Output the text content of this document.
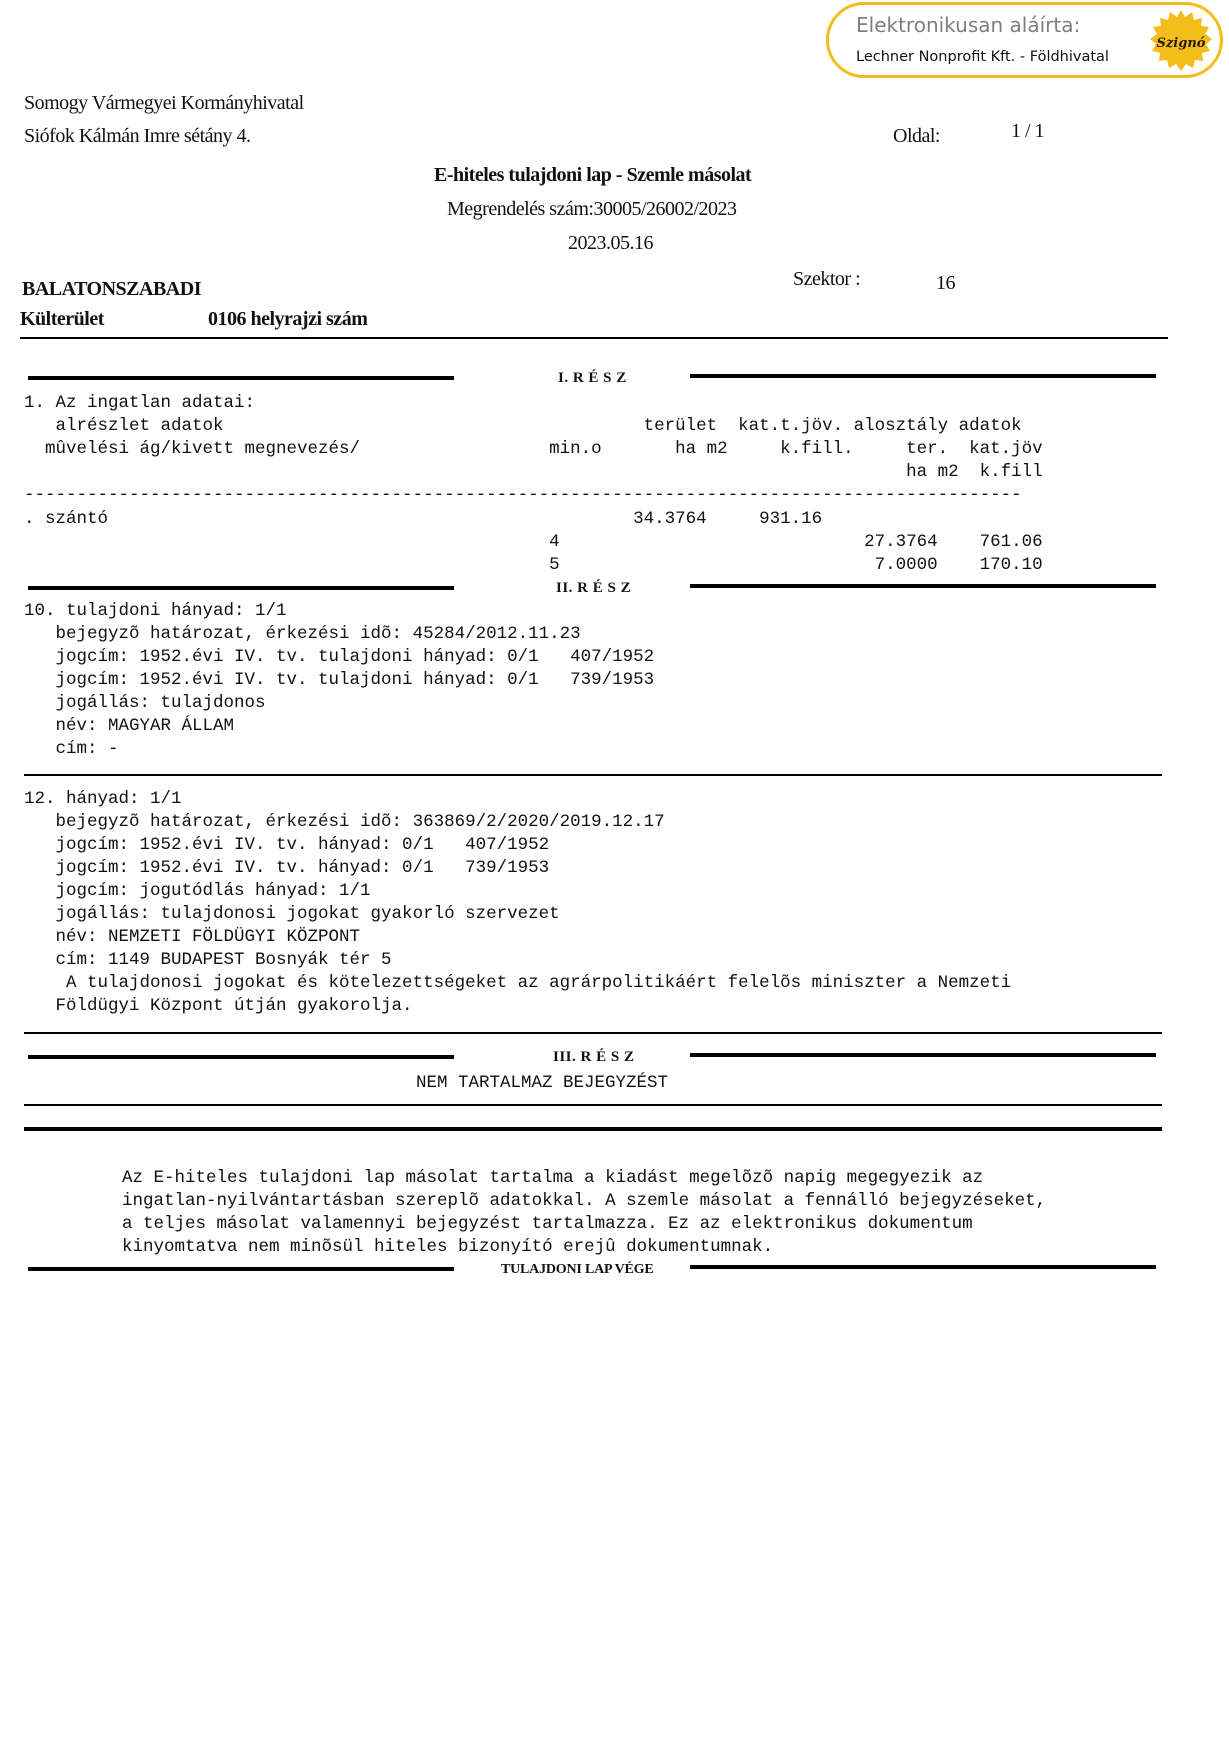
Elektronikusan aláírta:
Lechner Nonprofit Kft. - Földhivatal
Szignó
Somogy Vármegyei Kormányhivatal
Siófok Kálmán Imre sétány 4.	Oldal:	1 / 1
E-hiteles tulajdoni lap - Szemle másolat
Megrendelés szám:30005/26002/2023
2023.05.16
BALATONSZABADI	Szektor :	16
Külterület	0106 helyrajzi szám
I. R É S Z
1. Az ingatlan adatai:
alrészlet adatok                                        terület  kat.t.jöv. alosztály adatok
mûvelési ág/kivett megnevezés/                  min.o       ha m2     k.fill.     ter.  kat.jöv
ha m2  k.fill
-----------------------------------------------------------------------------------------------
. szántó                                                  34.3764     931.16
4                             27.3764    761.06
5                              7.0000    170.10
II. R É S Z
10. tulajdoni hányad: 1/1
bejegyzõ határozat, érkezési idõ: 45284/2012.11.23
jogcím: 1952.évi IV. tv. tulajdoni hányad: 0/1   407/1952
jogcím: 1952.évi IV. tv. tulajdoni hányad: 0/1   739/1953
jogállás: tulajdonos
név: MAGYAR ÁLLAM
cím: -
12. hányad: 1/1
bejegyzõ határozat, érkezési idõ: 363869/2/2020/2019.12.17
jogcím: 1952.évi IV. tv. hányad: 0/1   407/1952
jogcím: 1952.évi IV. tv. hányad: 0/1   739/1953
jogcím: jogutódlás hányad: 1/1
jogállás: tulajdonosi jogokat gyakorló szervezet
név: NEMZETI FÖLDÜGYI KÖZPONT
cím: 1149 BUDAPEST Bosnyák tér 5
A tulajdonosi jogokat és kötelezettségeket az agrárpolitikáért felelõs miniszter a Nemzeti
Földügyi Központ útján gyakorolja.
III. R É S Z
NEM TARTALMAZ BEJEGYZÉST
Az E-hiteles tulajdoni lap másolat tartalma a kiadást megelõzõ napig megegyezik az
ingatlan-nyilvántartásban szereplõ adatokkal. A szemle másolat a fennálló bejegyzéseket,
a teljes másolat valamennyi bejegyzést tartalmazza. Ez az elektronikus dokumentum
kinyomtatva nem minõsül hiteles bizonyító erejû dokumentumnak.
TULAJDONI LAP VÉGE
